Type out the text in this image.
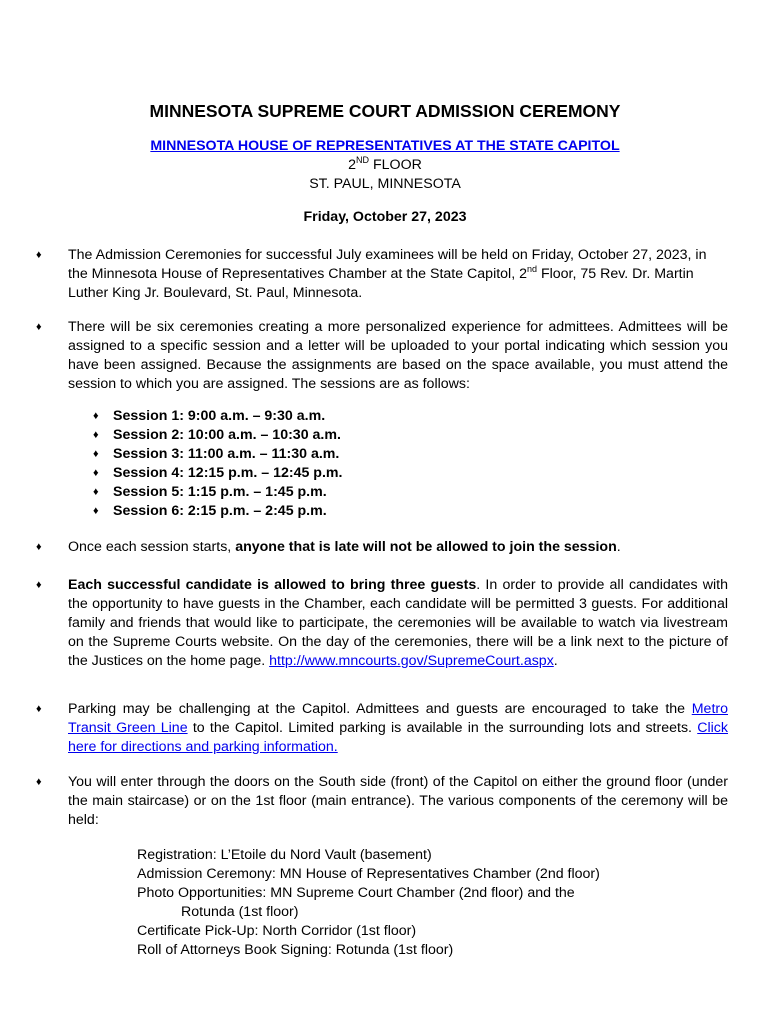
MINNESOTA SUPREME COURT ADMISSION CEREMONY
MINNESOTA HOUSE OF REPRESENTATIVES AT THE STATE CAPITOL
2ND FLOOR
ST. PAUL, MINNESOTA
Friday, October 27, 2023
♦ The Admission Ceremonies for successful July examinees will be held on Friday, October 27, 2023, in the Minnesota House of Representatives Chamber at the State Capitol, 2nd Floor, 75 Rev. Dr. Martin Luther King Jr. Boulevard, St. Paul, Minnesota.
♦ There will be six ceremonies creating a more personalized experience for admittees. Admittees will be assigned to a specific session and a letter will be uploaded to your portal indicating which session you have been assigned. Because the assignments are based on the space available, you must attend the session to which you are assigned. The sessions are as follows:
♦ Session 1: 9:00 a.m. – 9:30 a.m.
♦ Session 2: 10:00 a.m. – 10:30 a.m.
♦ Session 3: 11:00 a.m. – 11:30 a.m.
♦ Session 4: 12:15 p.m. – 12:45 p.m.
♦ Session 5: 1:15 p.m. – 1:45 p.m.
♦ Session 6: 2:15 p.m. – 2:45 p.m.
♦ Once each session starts, anyone that is late will not be allowed to join the session.
♦ Each successful candidate is allowed to bring three guests. In order to provide all candidates with the opportunity to have guests in the Chamber, each candidate will be permitted 3 guests. For additional family and friends that would like to participate, the ceremonies will be available to watch via livestream on the Supreme Courts website. On the day of the ceremonies, there will be a link next to the picture of the Justices on the home page. http://www.mncourts.gov/SupremeCourt.aspx.
♦ Parking may be challenging at the Capitol. Admittees and guests are encouraged to take the Metro Transit Green Line to the Capitol. Limited parking is available in the surrounding lots and streets. Click here for directions and parking information.
♦ You will enter through the doors on the South side (front) of the Capitol on either the ground floor (under the main staircase) or on the 1st floor (main entrance). The various components of the ceremony will be held:
Registration: L’Etoile du Nord Vault (basement)
Admission Ceremony: MN House of Representatives Chamber (2nd floor)
Photo Opportunities: MN Supreme Court Chamber (2nd floor) and the
Rotunda (1st floor)
Certificate Pick-Up: North Corridor (1st floor)
Roll of Attorneys Book Signing: Rotunda (1st floor)
